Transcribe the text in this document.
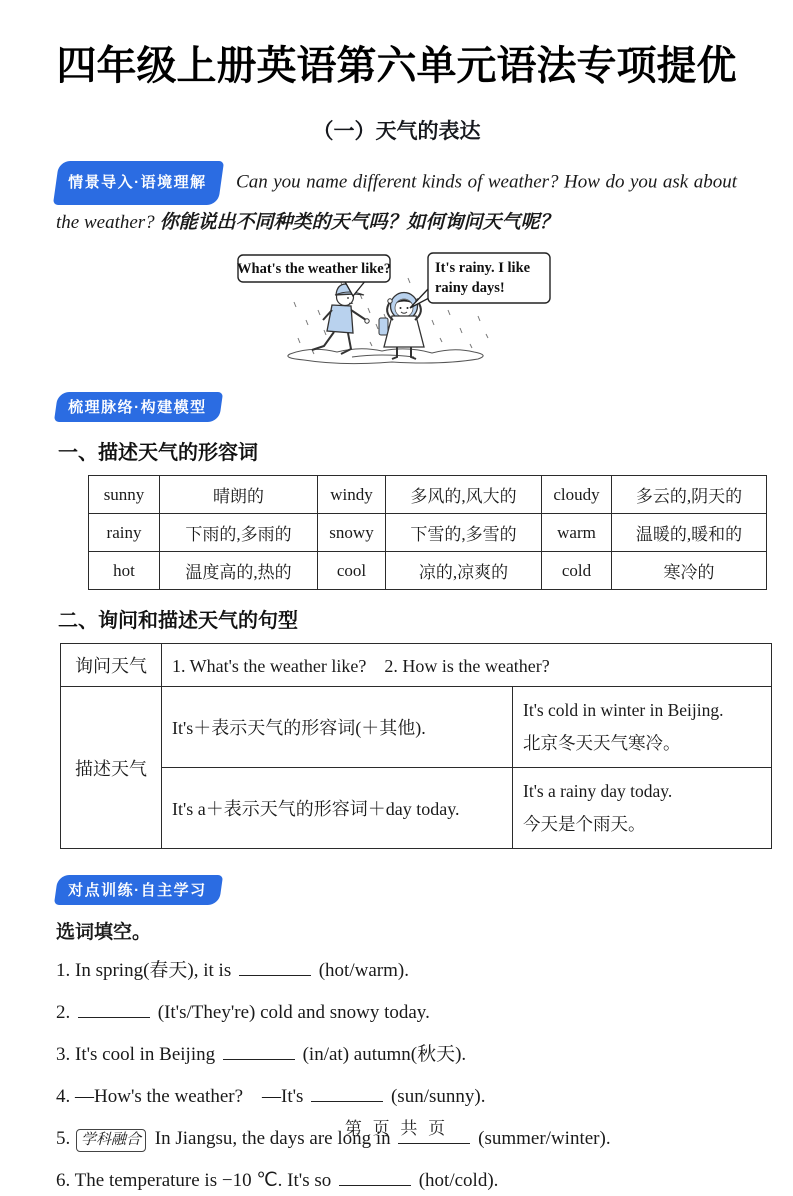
四年级上册英语第六单元语法专项提优
（一）天气的表达

情景导入·语境理解 Can you name different kinds of weather? How do you ask about the weather? 你能说出不同种类的天气吗？如何询问天气呢？

What's the weather like?	It's rainy. I like
rainy days!
梳理脉络·构建模型
一、描述天气的形容词
sunny	晴朗的	windy	多风的,风大的	cloudy	多云的,阴天的
rainy	下雨的,多雨的	snowy	下雪的,多雪的	warm	温暖的,暖和的
hot	温度高的,热的	cool	凉的,凉爽的	cold	寒冷的
二、询问和描述天气的句型
询问天气	1. What's the weather like?　2. How is the weather?	
描述天气	It's＋表示天气的形容词(＋其他).	It's cold in winter in Beijing.
北京冬天天气寒冷。

	It's a＋表示天气的形容词＋day today.	It's a rainy day today.
今天是个雨天。
对点训练·自主学习
选词填空。
1. In spring(春天), it is	(hot/warm).
2.	(It's/They're) cold and snowy today.
3. It's cool in Beijing	(in/at) autumn(秋天).
4. —How's the weather?　—It's	(sun/sunny).
5. 学科融合 In Jiangsu, the days are long in	(summer/winter).
6. The temperature is −10 ℃. It's so	(hot/cold).
第 页 共 页
